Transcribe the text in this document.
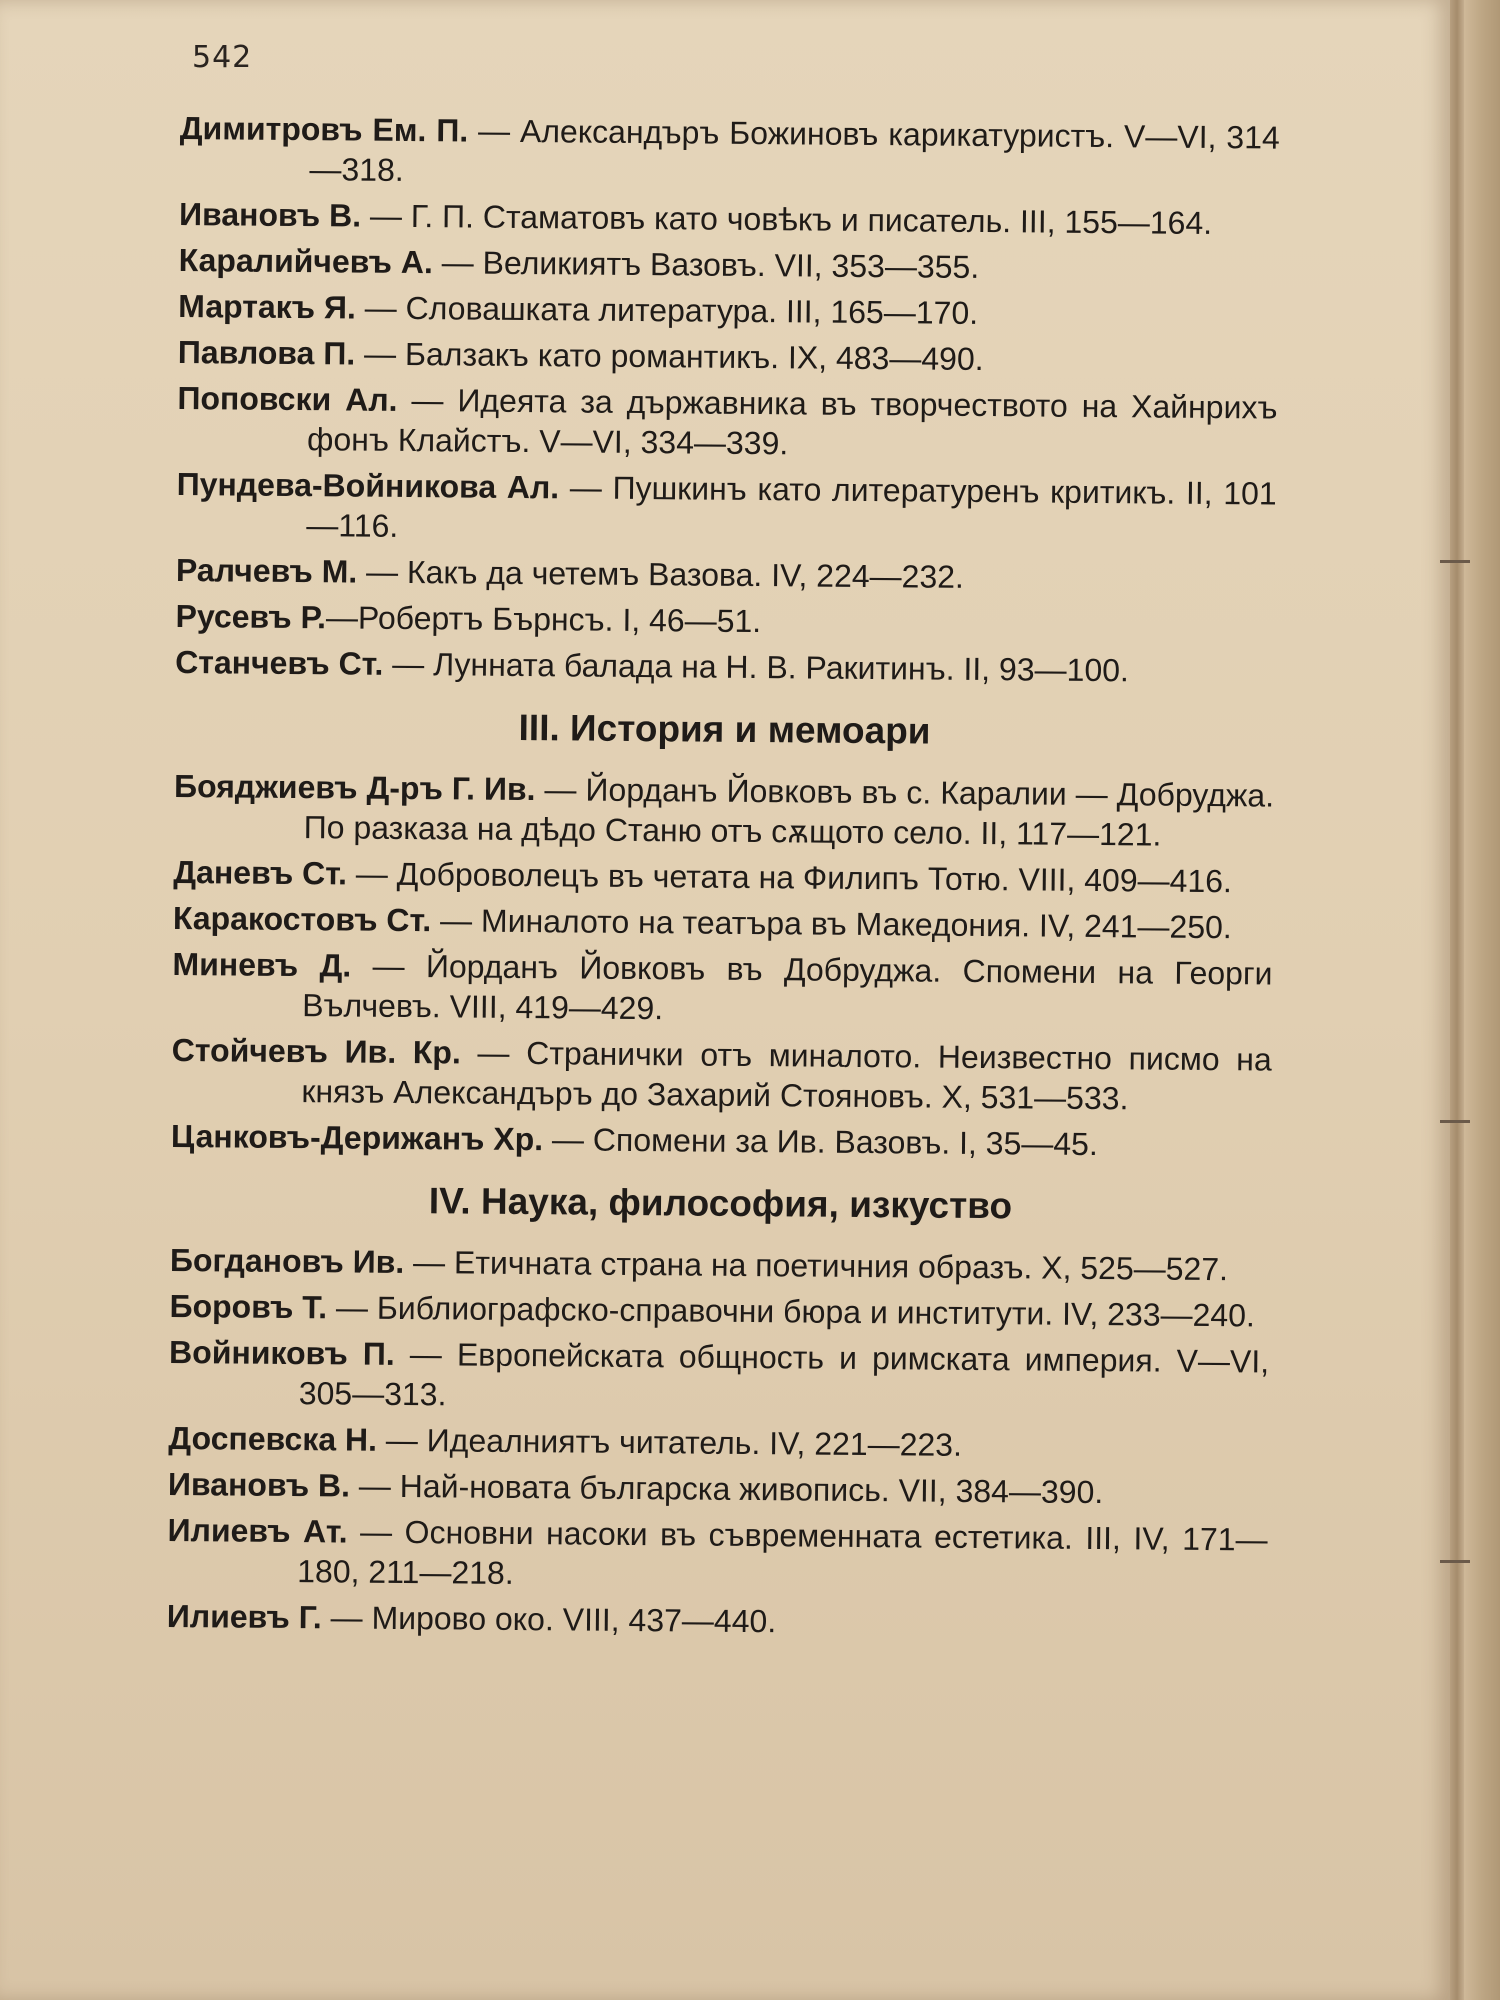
542
Димитровъ Ем. П. — Александъръ Божиновъ карикатуристъ. V—VI, 314—318.
Ивановъ В. — Г. П. Стаматовъ като човѣкъ и писатель. III, 155—164.
Каралийчевъ А. — Великиятъ Вазовъ. VII, 353—355.
Мартакъ Я. — Словашката литература. III, 165—170.
Павлова П. — Балзакъ като романтикъ. IX, 483—490.
Поповски Ал. — Идеята за държавника въ творчеството на Хайнрихъ фонъ Клайстъ. V—VI, 334—339.
Пундева-Войникова Ал. — Пушкинъ като литературенъ критикъ. II, 101—116.
Ралчевъ М. — Какъ да четемъ Вазова. IV, 224—232.
Русевъ Р.—Робертъ Бърнсъ. I, 46—51.
Станчевъ Ст. — Лунната балада на Н. В. Ракитинъ. II, 93—100.
III. История и мемоари
Бояджиевъ Д-ръ Г. Ив. — Йорданъ Йовковъ въ с. Каралии — Добруджа. По разказа на дѣдо Станю отъ сѫщото село. II, 117—121.
Даневъ Ст. — Доброволецъ въ четата на Филипъ Тотю. VIII, 409—416.
Каракостовъ Ст. — Миналото на театъра въ Македония. IV, 241—250.
Миневъ Д. — Йорданъ Йовковъ въ Добруджа. Спомени на Георги Вълчевъ. VIII, 419—429.
Стойчевъ Ив. Кр. — Странички отъ миналото. Неизвестно писмо на князъ Александъръ до Захарий Стояновъ. X, 531—533.
Цанковъ-Дерижанъ Хр. — Спомени за Ив. Вазовъ. I, 35—45.
IV. Наука, философия, изкуство
Богдановъ Ив. — Етичната страна на поетичния образъ. X, 525—527.
Боровъ Т. — Библиографско-справочни бюра и институти. IV, 233—240.
Войниковъ П. — Европейската общность и римската империя. V—VI, 305—313.
Доспевска Н. — Идеалниятъ читатель. IV, 221—223.
Ивановъ В. — Най-новата българска живопись. VII, 384—390.
Илиевъ Ат. — Основни насоки въ съвременната естетика. III, IV, 171—180, 211—218.
Илиевъ Г. — Мирово око. VIII, 437—440.
